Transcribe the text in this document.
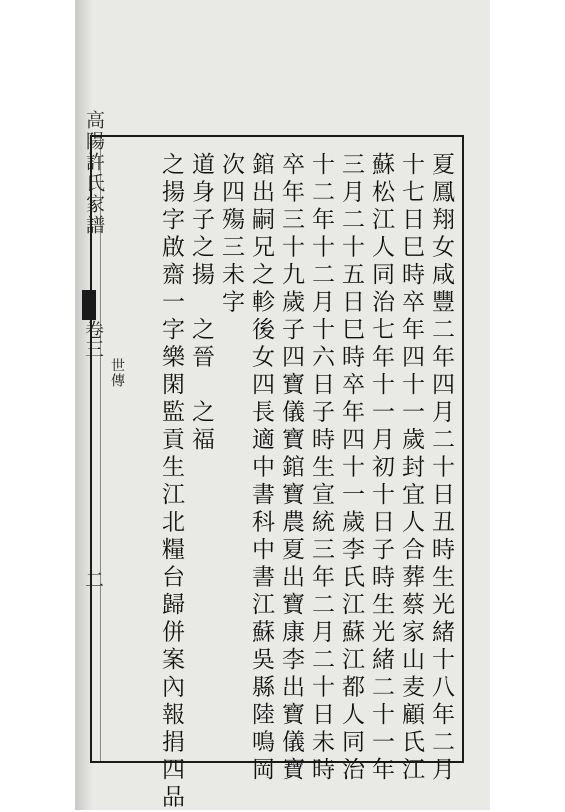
高陽許氏家譜
卷三
世傳
二	夏鳳翔女咸豐二年四月二十日丑時生光緒十八年二月
十七日巳時卒年四十一歲封宜人合葬蔡家山麦顧氏江
蘇松江人同治七年十一月初十日子時生光緒二十一年
三月二十五日巳時卒年四十一歲李氏江蘇江都人同治
十二年十二月十六日子時生宣統三年二月二十日未時
卒年三十九歲子四寶儀寶錧寶農夏出寶康李出寶儀寶
錧出嗣兄之軫後女四長適中書科中書江蘇吳縣陸鳴岡
次四殤三未字
道身子之揚　之晉　之福
之揚字啟齋一字樂閑監貢生江北糧台歸併案內報捐四品
